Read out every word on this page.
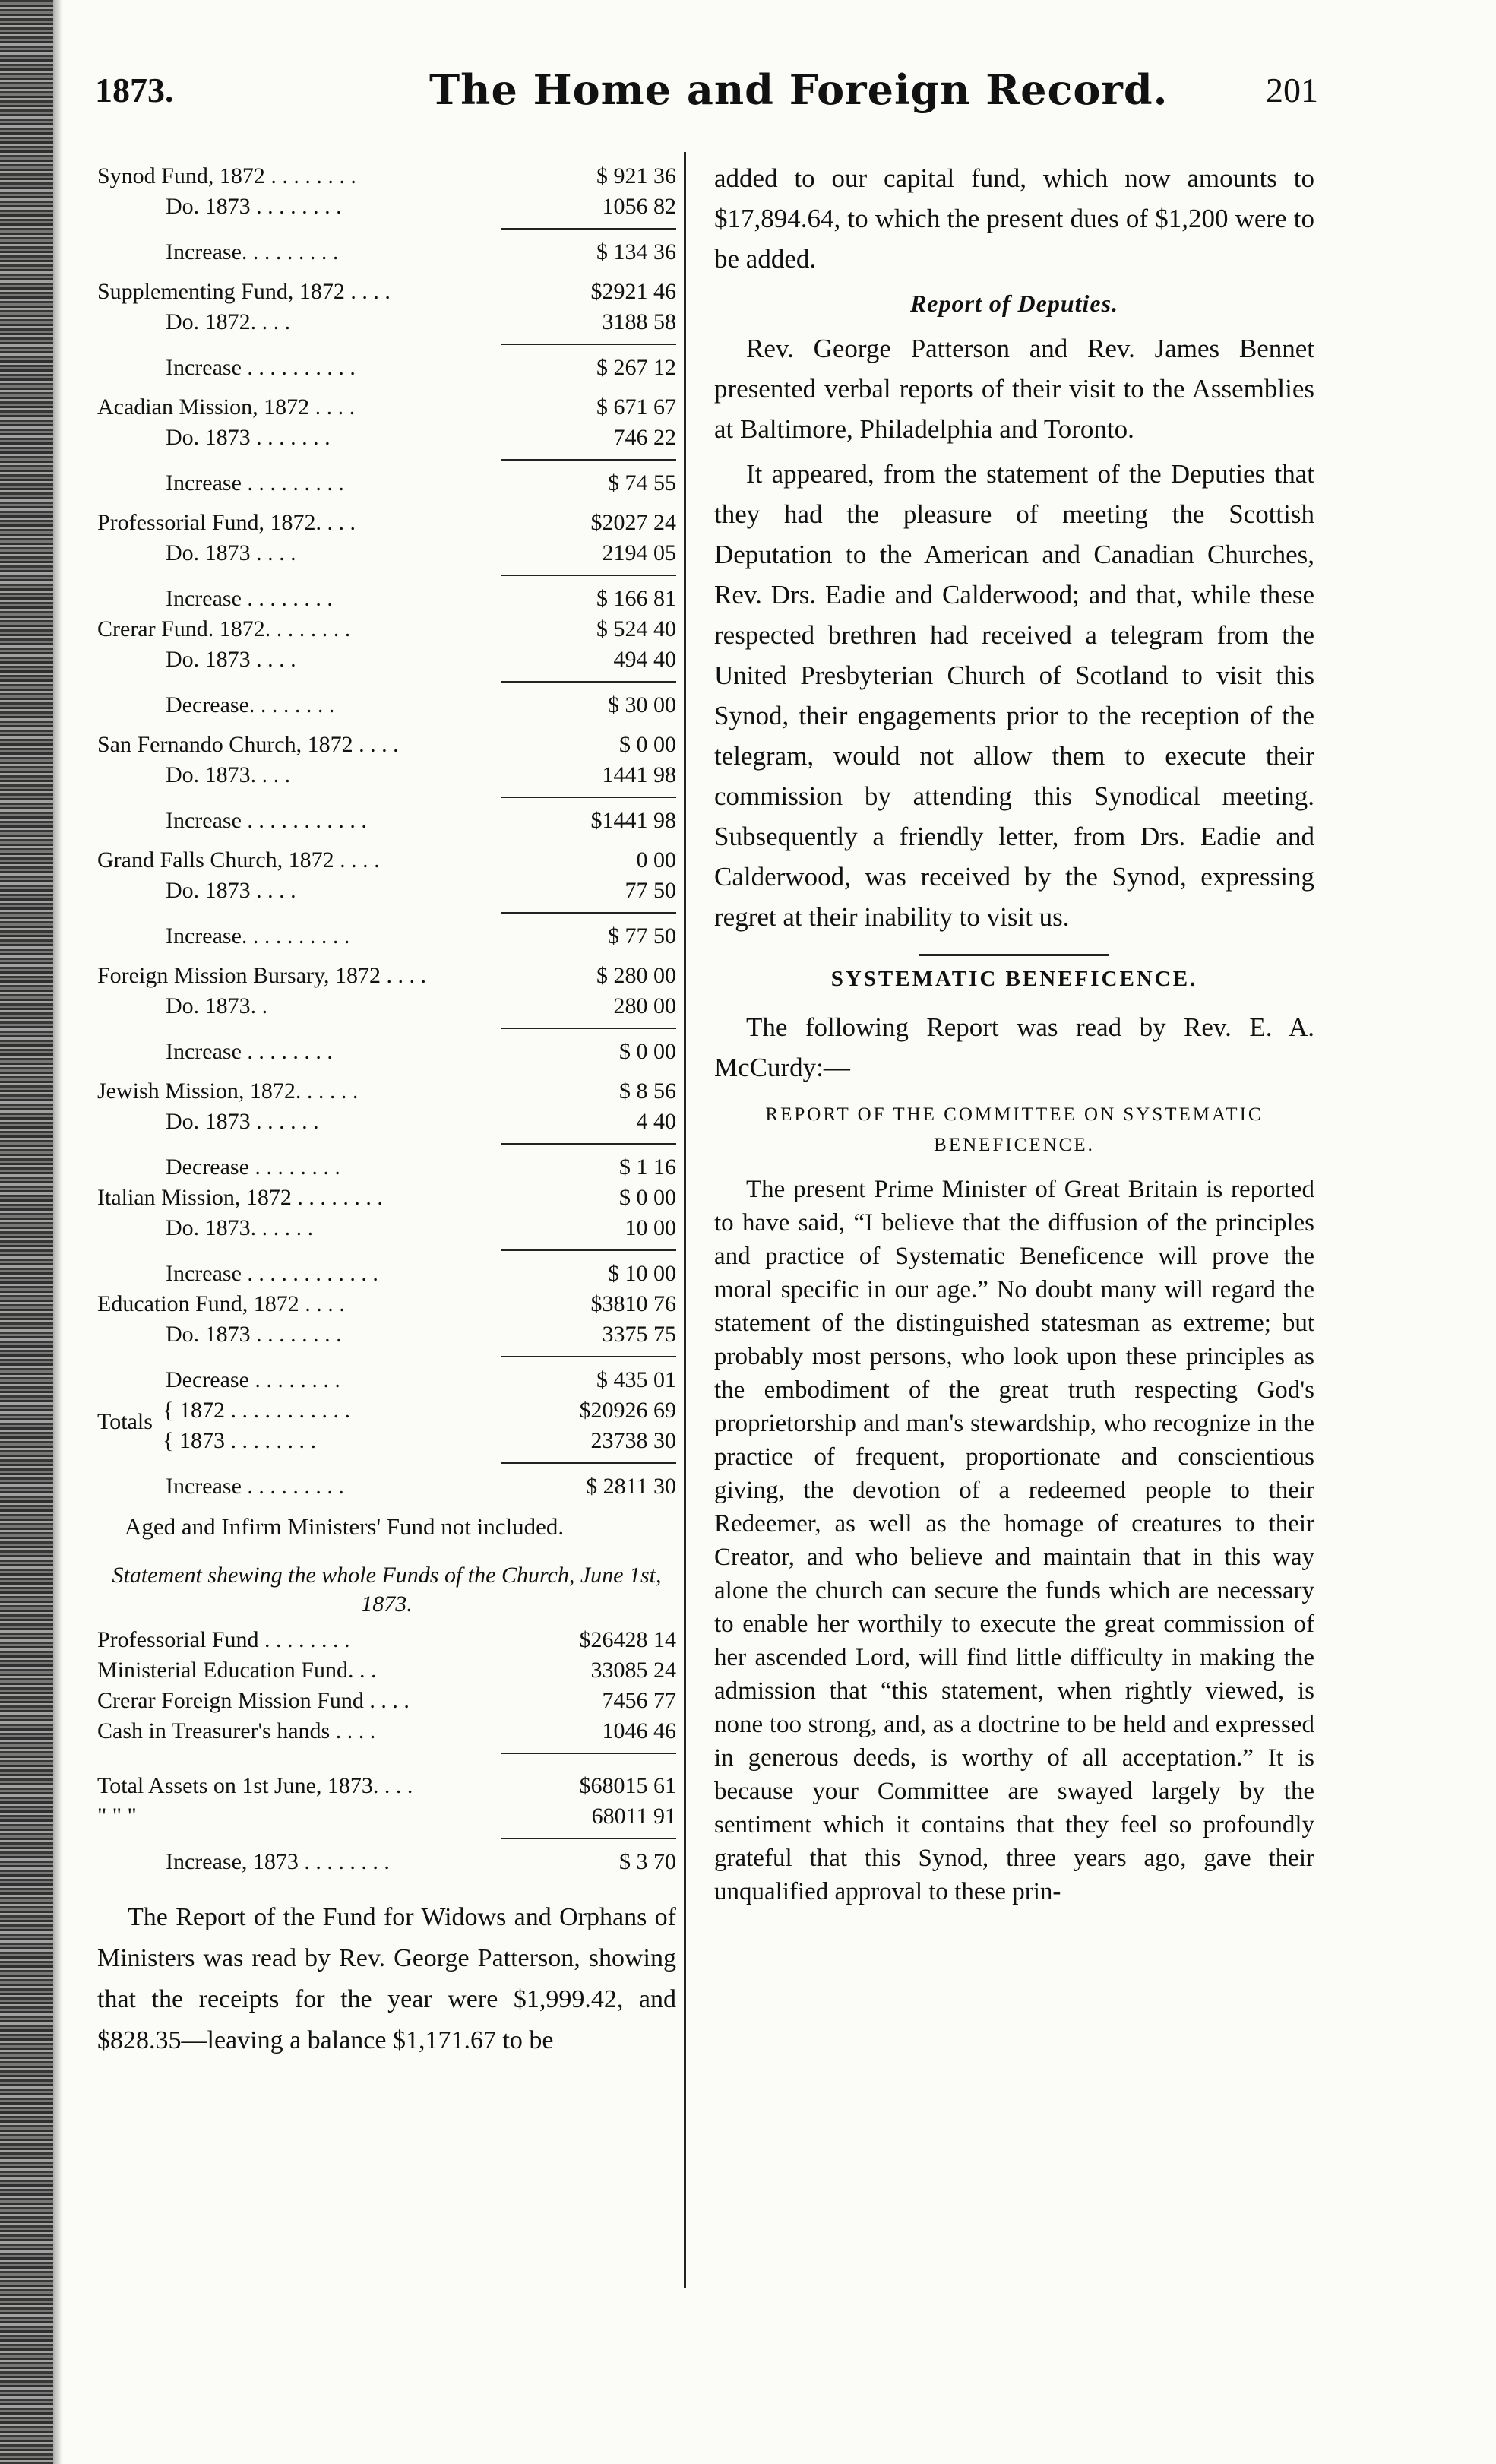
1873.	The Home and Foreign Record.	201
Synod Fund, 1872 . . . . . . . .	$ 921 36
Do. 1873 . . . . . . . .	1056 82
Increase. . . . . . . . .	$ 134 36
Supplementing Fund, 1872 . . . .	$2921 46
Do. 1872. . . .	3188 58
Increase . . . . . . . . . .	$ 267 12
Acadian Mission, 1872 . . . .	$ 671 67
Do. 1873 . . . . . . .	746 22
Increase . . . . . . . . .	$ 74 55
Professorial Fund, 1872. . . .	$2027 24
Do. 1873 . . . .	2194 05
Increase . . . . . . . .	$ 166 81
Crerar Fund. 1872. . . . . . . .	$ 524 40
Do. 1873 . . . .	494 40
Decrease. . . . . . . .	$ 30 00
San Fernando Church, 1872 . . . .	$ 0 00
Do. 1873. . . .	1441 98
Increase . . . . . . . . . . .	$1441 98
Grand Falls Church, 1872 . . . .	0 00
Do. 1873 . . . .	77 50
Increase. . . . . . . . . .	$ 77 50
Foreign Mission Bursary, 1872 . . . .	$ 280 00
Do. 1873. .	280 00
Increase . . . . . . . .	$ 0 00
Jewish Mission, 1872. . . . . .	$ 8 56
Do. 1873 . . . . . .	4 40
Decrease . . . . . . . .	$ 1 16
Italian Mission, 1872 . . . . . . . .	$ 0 00
Do. 1873. . . . . .	10 00
Increase . . . . . . . . . . . .	$ 10 00
Education Fund, 1872 . . . .	$3810 76
Do. 1873 . . . . . . . .	3375 75
Decrease . . . . . . . .	$ 435 01
Totals { 1872 . . . . . . . . . . .	$20926 69
{ 1873 . . . . . . . .	23738 30
Increase . . . . . . . . .	$ 2811 30
Aged and Infirm Ministers' Fund not included.
Statement shewing the whole Funds of the Church, June 1st, 1873.
Professorial Fund . . . . . . . .	$26428 14
Ministerial Education Fund. . .	33085 24
Crerar Foreign Mission Fund . . . .	7456 77
Cash in Treasurer's hands . . . .	1046 46
Total Assets on 1st June, 1873. . . .	$68015 61
" " "	68011 91
Increase, 1873 . . . . . . . .	$ 3 70

The Report of the Fund for Widows and Orphans of Ministers was read by Rev. George Patterson, showing that the receipts for the year were $1,999.42, and $828.35—leaving a balance $1,171.67 to be

added to our capital fund, which now amounts to $17,894.64, to which the present dues of $1,200 were to be added.

Report of Deputies.

Rev. George Patterson and Rev. James Bennet presented verbal reports of their visit to the Assemblies at Baltimore, Philadelphia and Toronto.

It appeared, from the statement of the Deputies that they had the pleasure of meeting the Scottish Deputation to the American and Canadian Churches, Rev. Drs. Eadie and Calderwood; and that, while these respected brethren had received a telegram from the United Presbyterian Church of Scotland to visit this Synod, their engagements prior to the reception of the telegram, would not allow them to execute their commission by attending this Synodical meeting. Subsequently a friendly letter, from Drs. Eadie and Calderwood, was received by the Synod, expressing regret at their inability to visit us.

SYSTEMATIC BENEFICENCE.

The following Report was read by Rev. E. A. McCurdy:—

REPORT OF THE COMMITTEE ON SYSTEMATIC BENEFICENCE.

The present Prime Minister of Great Britain is reported to have said, “I believe that the diffusion of the principles and practice of Systematic Beneficence will prove the moral specific in our age.” No doubt many will regard the statement of the distinguished statesman as extreme; but probably most persons, who look upon these principles as the embodiment of the great truth respecting God's proprietorship and man's stewardship, who recognize in the practice of frequent, proportionate and conscientious giving, the devotion of a redeemed people to their Redeemer, as well as the homage of creatures to their Creator, and who believe and maintain that in this way alone the church can secure the funds which are necessary to enable her worthily to execute the great commission of her ascended Lord, will find little difficulty in making the admission that “this statement, when rightly viewed, is none too strong, and, as a doctrine to be held and expressed in generous deeds, is worthy of all acceptation.” It is because your Committee are swayed largely by the sentiment which it contains that they feel so profoundly grateful that this Synod, three years ago, gave their unqualified approval to these prin-
